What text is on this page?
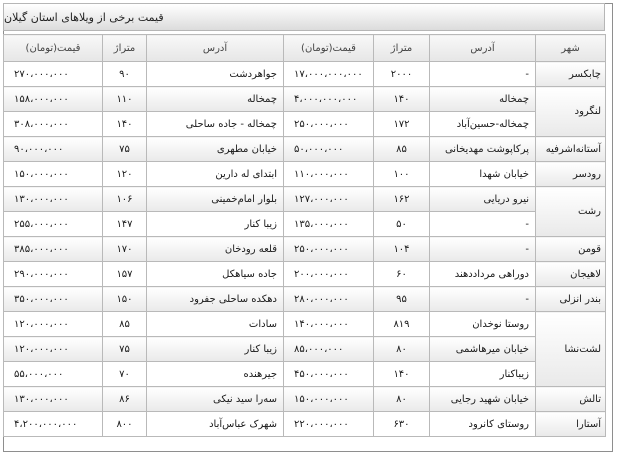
قیمت برخی از ویلاهای استان گیلان
شهر	آدرس	متراژ	قیمت(تومان)	آدرس	متراژ	قیمت(تومان)
چابکسر	-	۲۰۰۰	۱۷،۰۰۰،۰۰۰،۰۰۰	جواهردشت	۹۰	۲۷۰،۰۰۰،۰۰۰
لنگرود	چمخاله	۱۴۰	۴،۰۰۰،۰۰۰،۰۰۰	چمخاله	۱۱۰	۱۵۸،۰۰۰،۰۰۰
	چمخاله-حسین‌آباد	۱۷۲	۲۵۰،۰۰۰،۰۰۰	چمخاله - جاده ساحلی	۱۴۰	۳۰۸،۰۰۰،۰۰۰
آستانه‌اشرفیه	پرکاپوشت مهدیخانی	۸۵	۵۰،۰۰۰،۰۰۰	خیابان مطهری	۷۵	۹۰،۰۰۰،۰۰۰
رودسر	خیابان شهدا	۱۰۰	۱۱۰،۰۰۰،۰۰۰	ابتدای له دارین	۱۲۰	۱۵۰،۰۰۰،۰۰۰
رشت	نیرو دریایی	۱۶۲	۱۲۷،۰۰۰،۰۰۰	بلوار امام‌خمینی	۱۰۶	۱۳۰،۰۰۰،۰۰۰
	-	۵۰	۱۳۵،۰۰۰،۰۰۰	زیبا کنار	۱۴۷	۲۵۵،۰۰۰،۰۰۰
قومن	-	۱۰۴	۲۵۰،۰۰۰،۰۰۰	قلعه رودخان	۱۷۰	۳۸۵،۰۰۰،۰۰۰
لاهیجان	دوراهی مرداددهند	۶۰	۲۰۰،۰۰۰،۰۰۰	جاده سیاهکل	۱۵۷	۲۹۰،۰۰۰،۰۰۰
بندر انزلی	-	۹۵	۲۸۰،۰۰۰،۰۰۰	دهکده ساحلی جفرود	۱۵۰	۳۵۰،۰۰۰،۰۰۰
لشت‌نشا	روستا نوخدان	۸۱۹	۱۴۰،۰۰۰،۰۰۰	سادات	۸۵	۱۲۰،۰۰۰،۰۰۰
	خیابان میرهاشمی	۸۰	۸۵،۰۰۰،۰۰۰	زیبا کنار	۷۵	۱۲۰،۰۰۰،۰۰۰
	زیباکنار	۱۴۰	۴۵۰،۰۰۰،۰۰۰	جیرهنده	۷۰	۵۵،۰۰۰،۰۰۰
تالش	خیابان شهید رجایی	۸۰	۱۵۰،۰۰۰،۰۰۰	سه‌را سید نیکی	۸۶	۱۳۰،۰۰۰،۰۰۰
آستارا	روستای کانرود	۶۳۰	۲۲۰،۰۰۰،۰۰۰	شهرک عباس‌آباد	۸۰۰	۴،۲۰۰،۰۰۰،۰۰۰
